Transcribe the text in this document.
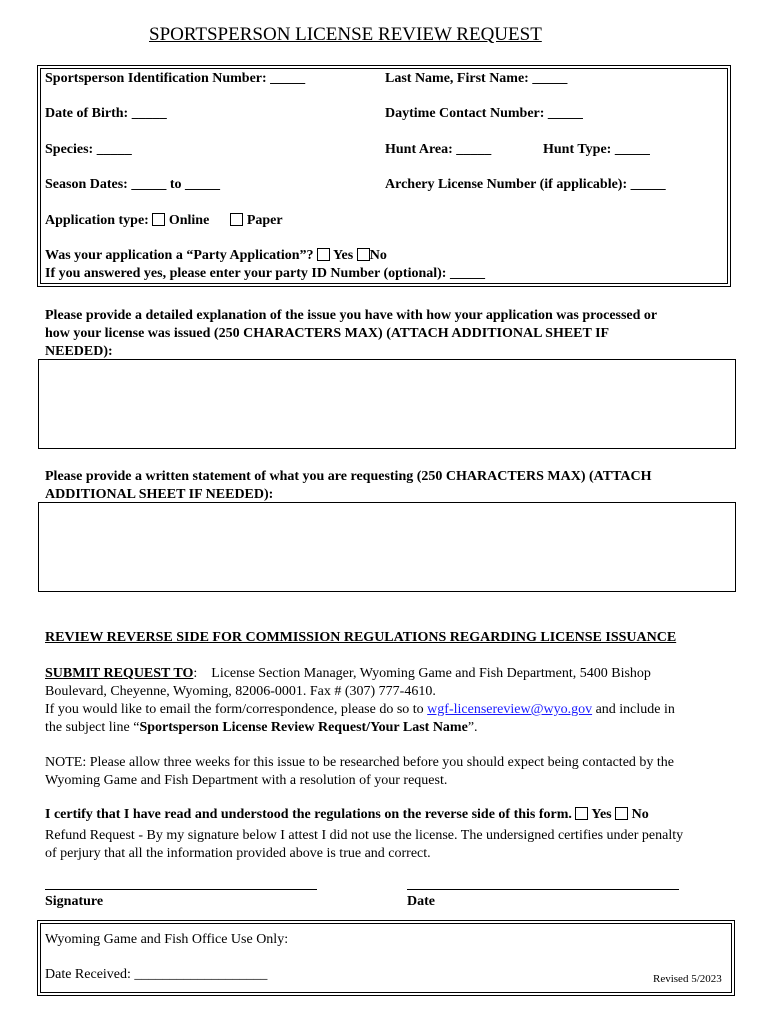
SPORTSPERSON LICENSE REVIEW REQUEST
Sportsperson Identification Number: _____	Last Name, First Name: _____
Date of Birth: _____	Daytime Contact Number: _____
Species: _____	Hunt Area: _____	Hunt Type: _____
Season Dates: _____ to _____	Archery License Number (if applicable): _____
Application type: Online	Paper
Was your application a “Party Application”? Yes No
If you answered yes, please enter your party ID Number (optional): _____
Please provide a detailed explanation of the issue you have with how your application was processed or
how your license was issued (250 CHARACTERS MAX) (ATTACH ADDITIONAL SHEET IF
NEEDED):
Please provide a written statement of what you are requesting (250 CHARACTERS MAX) (ATTACH
ADDITIONAL SHEET IF NEEDED):
REVIEW REVERSE SIDE FOR COMMISSION REGULATIONS REGARDING LICENSE ISSUANCE
SUBMIT REQUEST TO:    License Section Manager, Wyoming Game and Fish Department, 5400 Bishop
Boulevard, Cheyenne, Wyoming, 82006-0001. Fax # (307) 777-4610.
If you would like to email the form/correspondence, please do so to wgf-licensereview@wyo.gov and include in
the subject line “Sportsperson License Review Request/Your Last Name”.
NOTE: Please allow three weeks for this issue to be researched before you should expect being contacted by the
Wyoming Game and Fish Department with a resolution of your request.
I certify that I have read and understood the regulations on the reverse side of this form. Yes No
Refund Request - By my signature below I attest I did not use the license. The undersigned certifies under penalty
of perjury that all the information provided above is true and correct.
Signature	Date
Wyoming Game and Fish Office Use Only:
Date Received: ___________________	Revised 5/2023
